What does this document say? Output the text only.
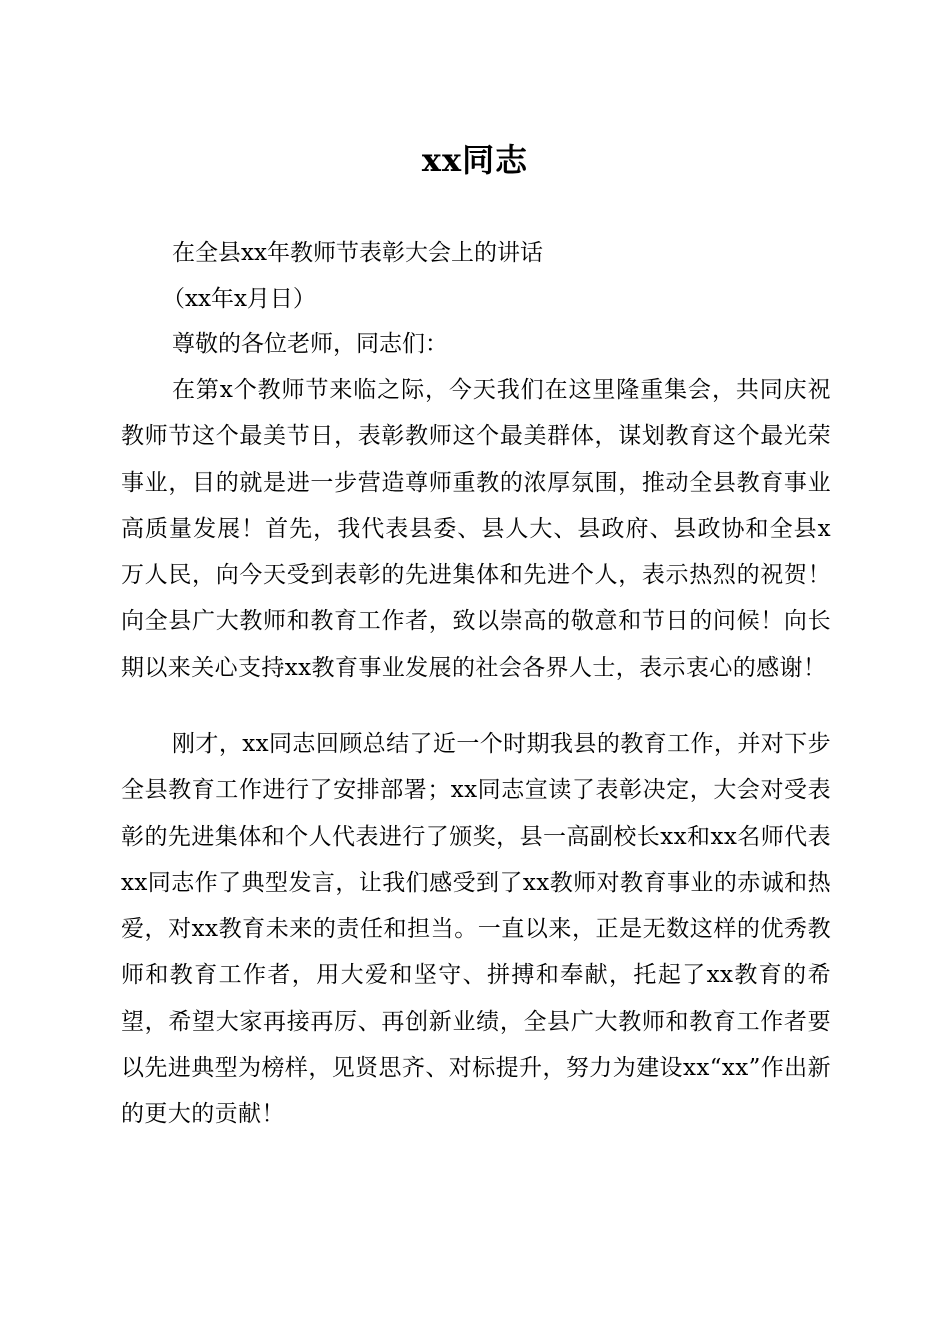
xx同志
在全县xx年教师节表彰大会上的讲话
（xx年x月日）
尊敬的各位老师，同志们：
在第x个教师节来临之际，今天我们在这里隆重集会，共同庆祝教师节这个最美节日，表彰教师这个最美群体，谋划教育这个最光荣事业，目的就是进一步营造尊师重教的浓厚氛围，推动全县教育事业高质量发展！首先，我代表县委、县人大、县政府、县政协和全县x万人民，向今天受到表彰的先进集体和先进个人，表示热烈的祝贺！向全县广大教师和教育工作者，致以崇高的敬意和节日的问候！向长期以来关心支持xx教育事业发展的社会各界人士，表示衷心的感谢！
刚才，xx同志回顾总结了近一个时期我县的教育工作，并对下步全县教育工作进行了安排部署；xx同志宣读了表彰决定，大会对受表彰的先进集体和个人代表进行了颁奖，县一高副校长xx和xx名师代表xx同志作了典型发言，让我们感受到了xx教师对教育事业的赤诚和热爱，对xx教育未来的责任和担当。一直以来，正是无数这样的优秀教师和教育工作者，用大爱和坚守、拼搏和奉献，托起了xx教育的希望，希望大家再接再厉、再创新业绩，全县广大教师和教育工作者要以先进典型为榜样，见贤思齐、对标提升，努力为建设xx“xx”作出新的更大的贡献！
